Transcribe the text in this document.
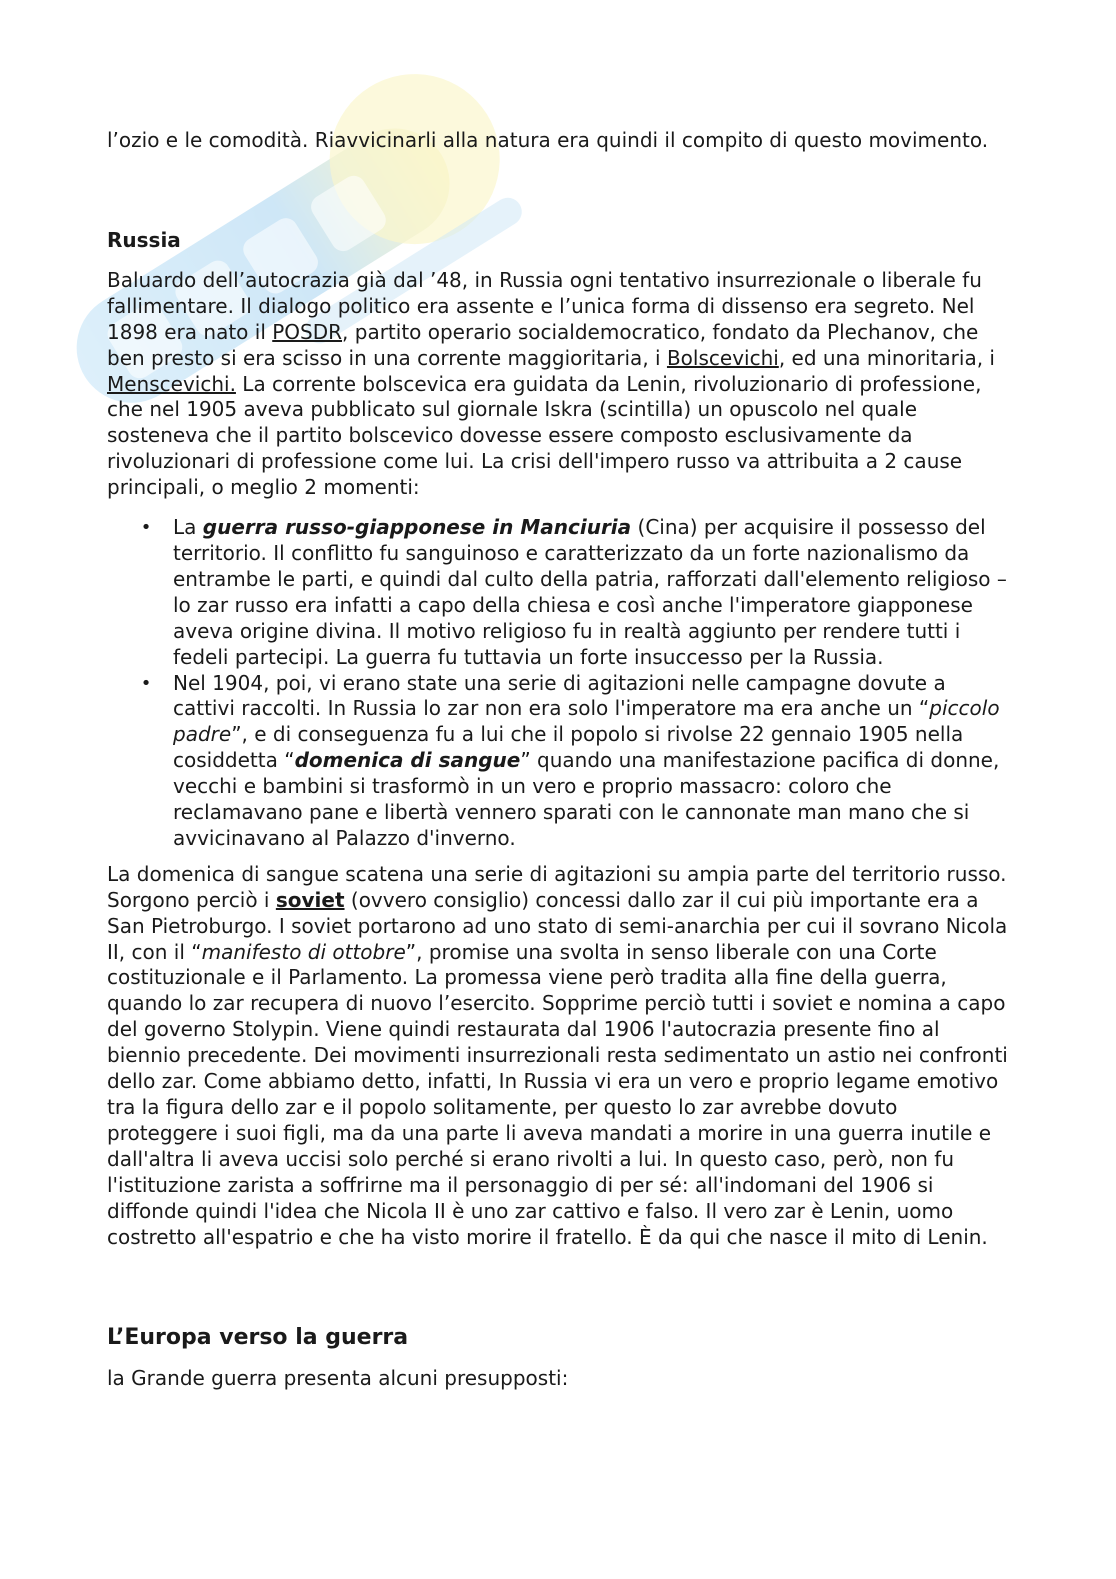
l’ozio e le comodità. Riavvicinarli alla natura era quindi il compito di questo movimento.
Russia
Baluardo dell’autocrazia già dal ’48, in Russia ogni tentativo insurrezionale o liberale fu fallimentare. Il dialogo politico era assente e l’unica forma di dissenso era segreto. Nel 1898 era nato il POSDR, partito operario socialdemocratico, fondato da Plechanov, che ben presto si era scisso in una corrente maggioritaria, i Bolscevichi, ed una minoritaria, i Menscevichi. La corrente bolscevica era guidata da Lenin, rivoluzionario di professione, che nel 1905 aveva pubblicato sul giornale Iskra (scintilla) un opuscolo nel quale sosteneva che il partito bolscevico dovesse essere composto esclusivamente da rivoluzionari di professione come lui. La crisi dell'impero russo va attribuita a 2 cause principali, o meglio 2 momenti:
• La guerra russo-giapponese in Manciuria (Cina) per acquisire il possesso del territorio. Il conflitto fu sanguinoso e caratterizzato da un forte nazionalismo da entrambe le parti, e quindi dal culto della patria, rafforzati dall'elemento religioso – lo zar russo era infatti a capo della chiesa e così anche l'imperatore giapponese aveva origine divina. Il motivo religioso fu in realtà aggiunto per rendere tutti i fedeli partecipi. La guerra fu tuttavia un forte insuccesso per la Russia.
• Nel 1904, poi, vi erano state una serie di agitazioni nelle campagne dovute a cattivi raccolti. In Russia lo zar non era solo l'imperatore ma era anche un “piccolo padre”, e di conseguenza fu a lui che il popolo si rivolse 22 gennaio 1905 nella cosiddetta “domenica di sangue” quando una manifestazione pacifica di donne, vecchi e bambini si trasformò in un vero e proprio massacro: coloro che reclamavano pane e libertà vennero sparati con le cannonate man mano che si avvicinavano al Palazzo d'inverno.
La domenica di sangue scatena una serie di agitazioni su ampia parte del territorio russo. Sorgono perciò i soviet (ovvero consiglio) concessi dallo zar il cui più importante era a San Pietroburgo. I soviet portarono ad uno stato di semi-anarchia per cui il sovrano Nicola II, con il “manifesto di ottobre”, promise una svolta in senso liberale con una Corte costituzionale e il Parlamento. La promessa viene però tradita alla fine della guerra, quando lo zar recupera di nuovo l’esercito. Sopprime perciò tutti i soviet e nomina a capo del governo Stolypin. Viene quindi restaurata dal 1906 l'autocrazia presente fino al biennio precedente. Dei movimenti insurrezionali resta sedimentato un astio nei confronti dello zar. Come abbiamo detto, infatti, In Russia vi era un vero e proprio legame emotivo tra la figura dello zar e il popolo solitamente, per questo lo zar avrebbe dovuto proteggere i suoi figli, ma da una parte li aveva mandati a morire in una guerra inutile e dall'altra li aveva uccisi solo perché si erano rivolti a lui. In questo caso, però, non fu l'istituzione zarista a soffrirne ma il personaggio di per sé: all'indomani del 1906 si diffonde quindi l'idea che Nicola II è uno zar cattivo e falso. Il vero zar è Lenin, uomo costretto all'espatrio e che ha visto morire il fratello. È da qui che nasce il mito di Lenin.
L’Europa verso la guerra
la Grande guerra presenta alcuni presupposti:
